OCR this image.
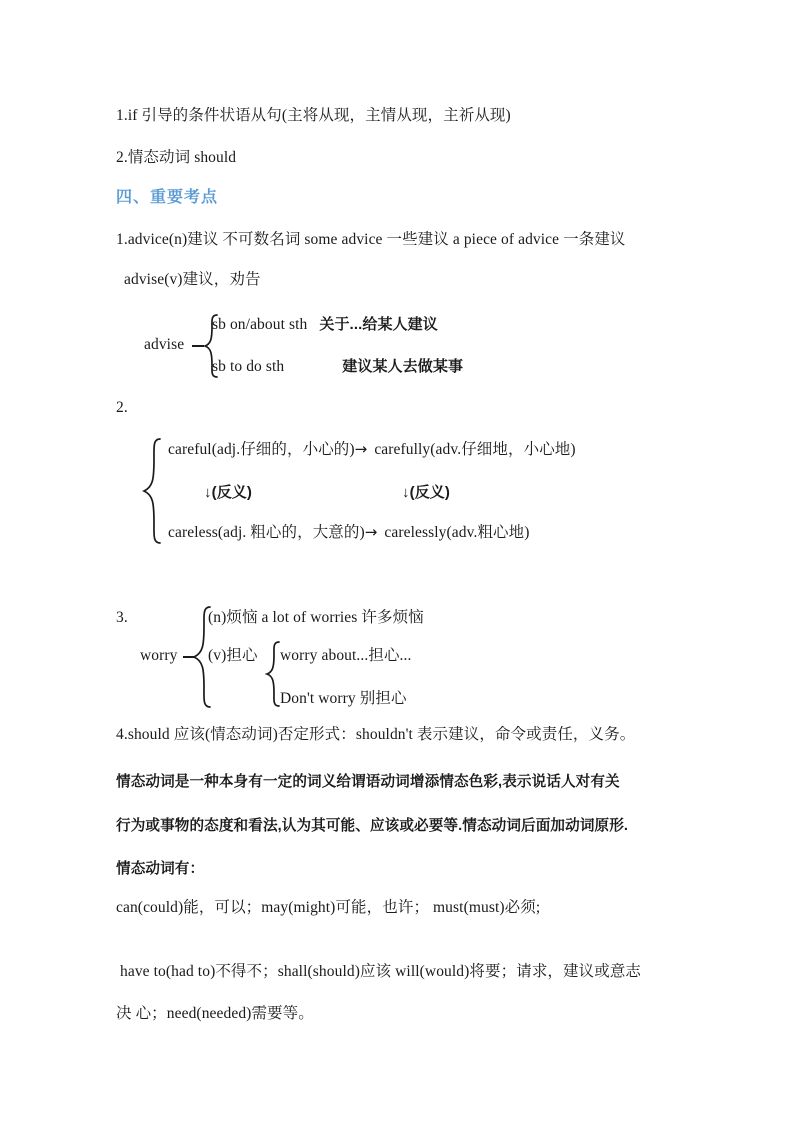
1.if 引导的条件状语从句(主将从现，主情从现，主祈从现)
2.情态动词 should
四、重要考点
1.advice(n)建议 不可数名词 some advice 一些建议 a piece of advice 一条建议
advise(v)建议，劝告
advise
sb on/about sth 关于...给某人建议
sb to do sth	建议某人去做某事
2.
careful(adj.仔细的，小心的)→ carefully(adv.仔细地，小心地)
↓(反义)	↓(反义)
careless(adj. 粗心的，大意的)→ carelessly(adv.粗心地)
3.
worry
(n)烦恼 a lot of worries 许多烦恼
(v)担心 worry about...担心...
Don't worry 别担心
4.should 应该(情态动词)否定形式：shouldn't 表示建议，命令或责任，义务。
情态动词是一种本身有一定的词义给谓语动词增添情态色彩,表示说话人对有关
行为或事物的态度和看法,认为其可能、应该或必要等.情态动词后面加动词原形.
情态动词有：
can(could)能，可以；may(might)可能，也许； must(must)必须;
have to(had to)不得不；shall(should)应该 will(would)将要；请求，建议或意志
决 心；need(needed)需要等。
